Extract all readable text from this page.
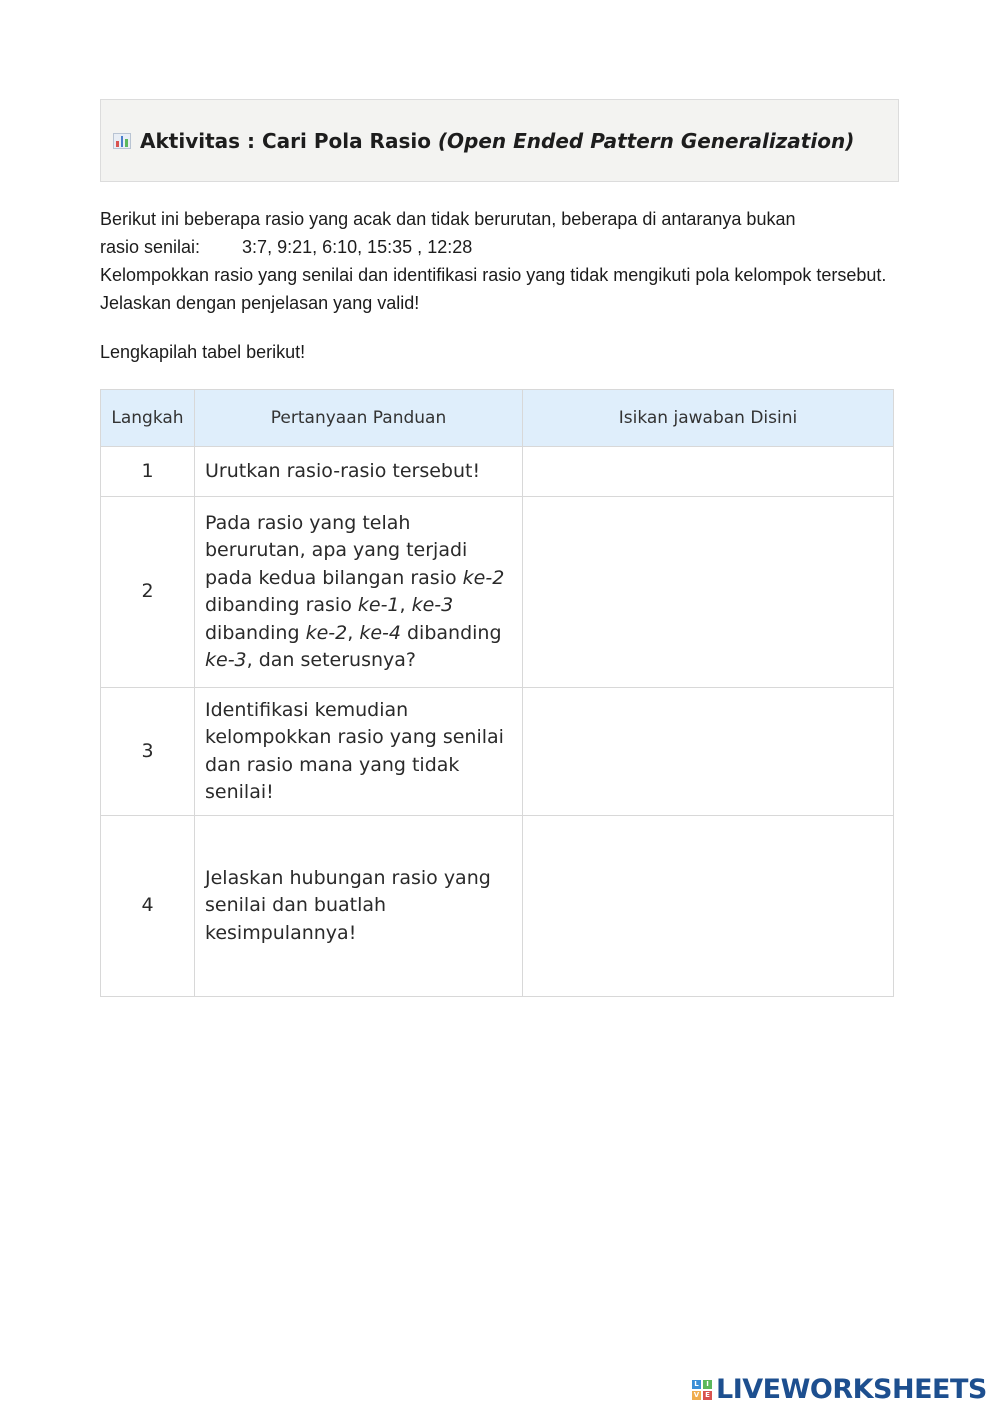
Aktivitas : Cari Pola Rasio (Open Ended Pattern Generalization)

Berikut ini beberapa rasio yang acak dan tidak berurutan, beberapa di antaranya bukan

rasio senilai: 3:7, 9:21, 6:10, 15:35 , 12:28

Kelompokkan rasio yang senilai dan identifikasi rasio yang tidak mengikuti pola kelompok tersebut. Jelaskan dengan penjelasan yang valid!

Lengkapilah tabel berikut!

Langkah	Pertanyaan Panduan	Isikan jawaban Disini
1	Urutkan rasio-rasio tersebut!	
2	Pada rasio yang telah berurutan, apa yang terjadi pada kedua bilangan rasio ke-2 dibanding rasio ke-1, ke-3 dibanding ke-2, ke-4 dibanding ke-3, dan seterusnya?	
3	Identifikasi kemudian kelompokkan rasio yang senilai dan rasio mana yang tidak senilai!	
4	Jelaskan hubungan rasio yang senilai dan buatlah kesimpulannya!	
L	I
V E LIVEWORKSHEETS
